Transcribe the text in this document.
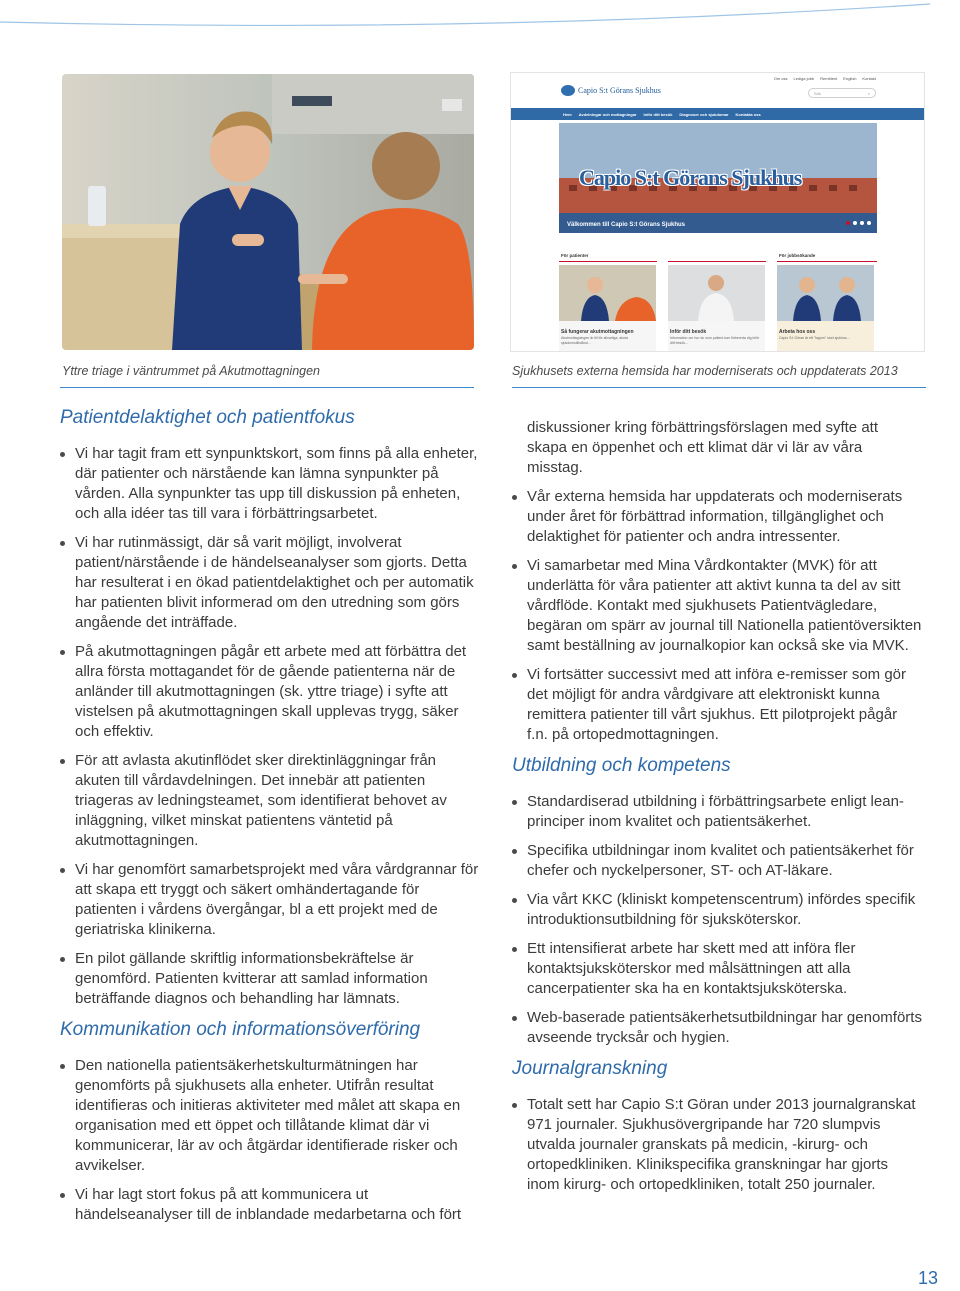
Om oss Lediga jobb Remittent English Kontakt
Capio S:t Görans Sjukhus	Sök	⌕
Hem Avdelningar och mottagningar Inför ditt besök Diagnoser och sjukdomar Kontakta oss
Capio S:t Görans Sjukhus
Välkommen till Capio S:t Görans Sjukhus
För patienter	För jobbsökande
Så fungerar akutmottagningen
Akutmottagningen är till för allvarliga, akuta sjukdomstillstånd...
Inför ditt besök
Information om hur du som patient kan förbereda dig inför ditt besök...
Arbeta hos oss
Capio S:t Göran är ett "lagom" stort sjukhus...
Yttre triage i väntrummet på Akutmottagningen	Sjukhusets externa hemsida har moderniserats och uppdaterats 2013
Patientdelaktighet och patientfokus
Vi har tagit fram ett synpunktskort, som finns på alla enheter, där patienter och närstående kan lämna synpunkter på vården. Alla synpunkter tas upp till diskussion på enheten, och alla idéer tas till vara i förbättringsarbetet.
Vi har rutinmässigt, där så varit möjligt, involverat patient/närstående i de händelseanalyser som gjorts. Detta har resulterat i en ökad patientdelaktighet och per automatik har patienten blivit informerad om den utredning som görs angående det inträffade.
På akutmottagningen pågår ett arbete med att förbättra det allra första mottagandet för de gående patienterna när de anländer till akutmottagningen (sk. yttre triage) i syfte att vistelsen på akutmottagningen skall upplevas trygg, säker och effektiv.
För att avlasta akutinflödet sker direktinläggningar från akuten till vårdavdelningen. Det innebär att patienten triageras av ledningsteamet, som identifierat behovet av inläggning, vilket minskat patientens väntetid på akutmottagningen.
Vi har genomfört samarbetsprojekt med våra vårdgrannar för att skapa ett tryggt och säkert omhändertagande för patienten i vårdens övergångar, bl a ett projekt med de geriatriska klinikerna.
En pilot gällande skriftlig informationsbekräftelse är genomförd. Patienten kvitterar att samlad information beträffande diagnos och behandling har lämnats.
Kommunikation och informationsöverföring
Den nationella patientsäkerhetskulturmätningen har genomförts på sjukhusets alla enheter. Utifrån resultat identifieras och initieras aktiviteter med målet att skapa en organisation med ett öppet och tillåtande klimat där vi kommunicerar, lär av och åtgärdar identifierade risker och avvikelser.
Vi har lagt stort fokus på att kommunicera ut händelseanalyser till de inblandade medarbetarna och fört

diskussioner kring förbättringsförslagen med syfte att skapa en öppenhet och ett klimat där vi lär av våra misstag.

Vår externa hemsida har uppdaterats och moderniserats under året för förbättrad information, tillgänglighet och delaktighet för patienter och andra intressenter.
Vi samarbetar med Mina Vårdkontakter (MVK) för att underlätta för våra patienter att aktivt kunna ta del av sitt vårdflöde. Kontakt med sjukhusets Patientvägledare, begäran om spärr av journal till Nationella patientöversikten samt beställning av journalkopior kan också ske via MVK.
Vi fortsätter successivt med att införa e-remisser som gör det möjligt för andra vårdgivare att elektroniskt kunna remittera patienter till vårt sjukhus. Ett pilotprojekt pågår f.n. på ortopedmottagningen.
Utbildning och kompetens
Standardiserad utbildning i förbättringsarbete enligt lean-principer inom kvalitet och patientsäkerhet.
Specifika utbildningar inom kvalitet och patientsäkerhet för chefer och nyckelpersoner, ST- och AT-läkare.
Via vårt KKC (kliniskt kompetenscentrum) infördes specifik introduktionsutbildning för sjuksköterskor.
Ett intensifierat arbete har skett med att införa fler kontaktsjuksköterskor med målsättningen att alla cancerpatienter ska ha en kontaktsjuksköterska.
Web-baserade patientsäkerhetsutbildningar har genomförts avseende trycksår och hygien.
Journalgranskning
Totalt sett har Capio S:t Göran under 2013 journalgranskat 971 journaler. Sjukhusövergripande har 720 slumpvis utvalda journaler granskats på medicin, -kirurg- och ortopedkliniken. Klinikspecifika granskningar har gjorts inom kirurg- och ortopedkliniken, totalt 250 journaler.
13
